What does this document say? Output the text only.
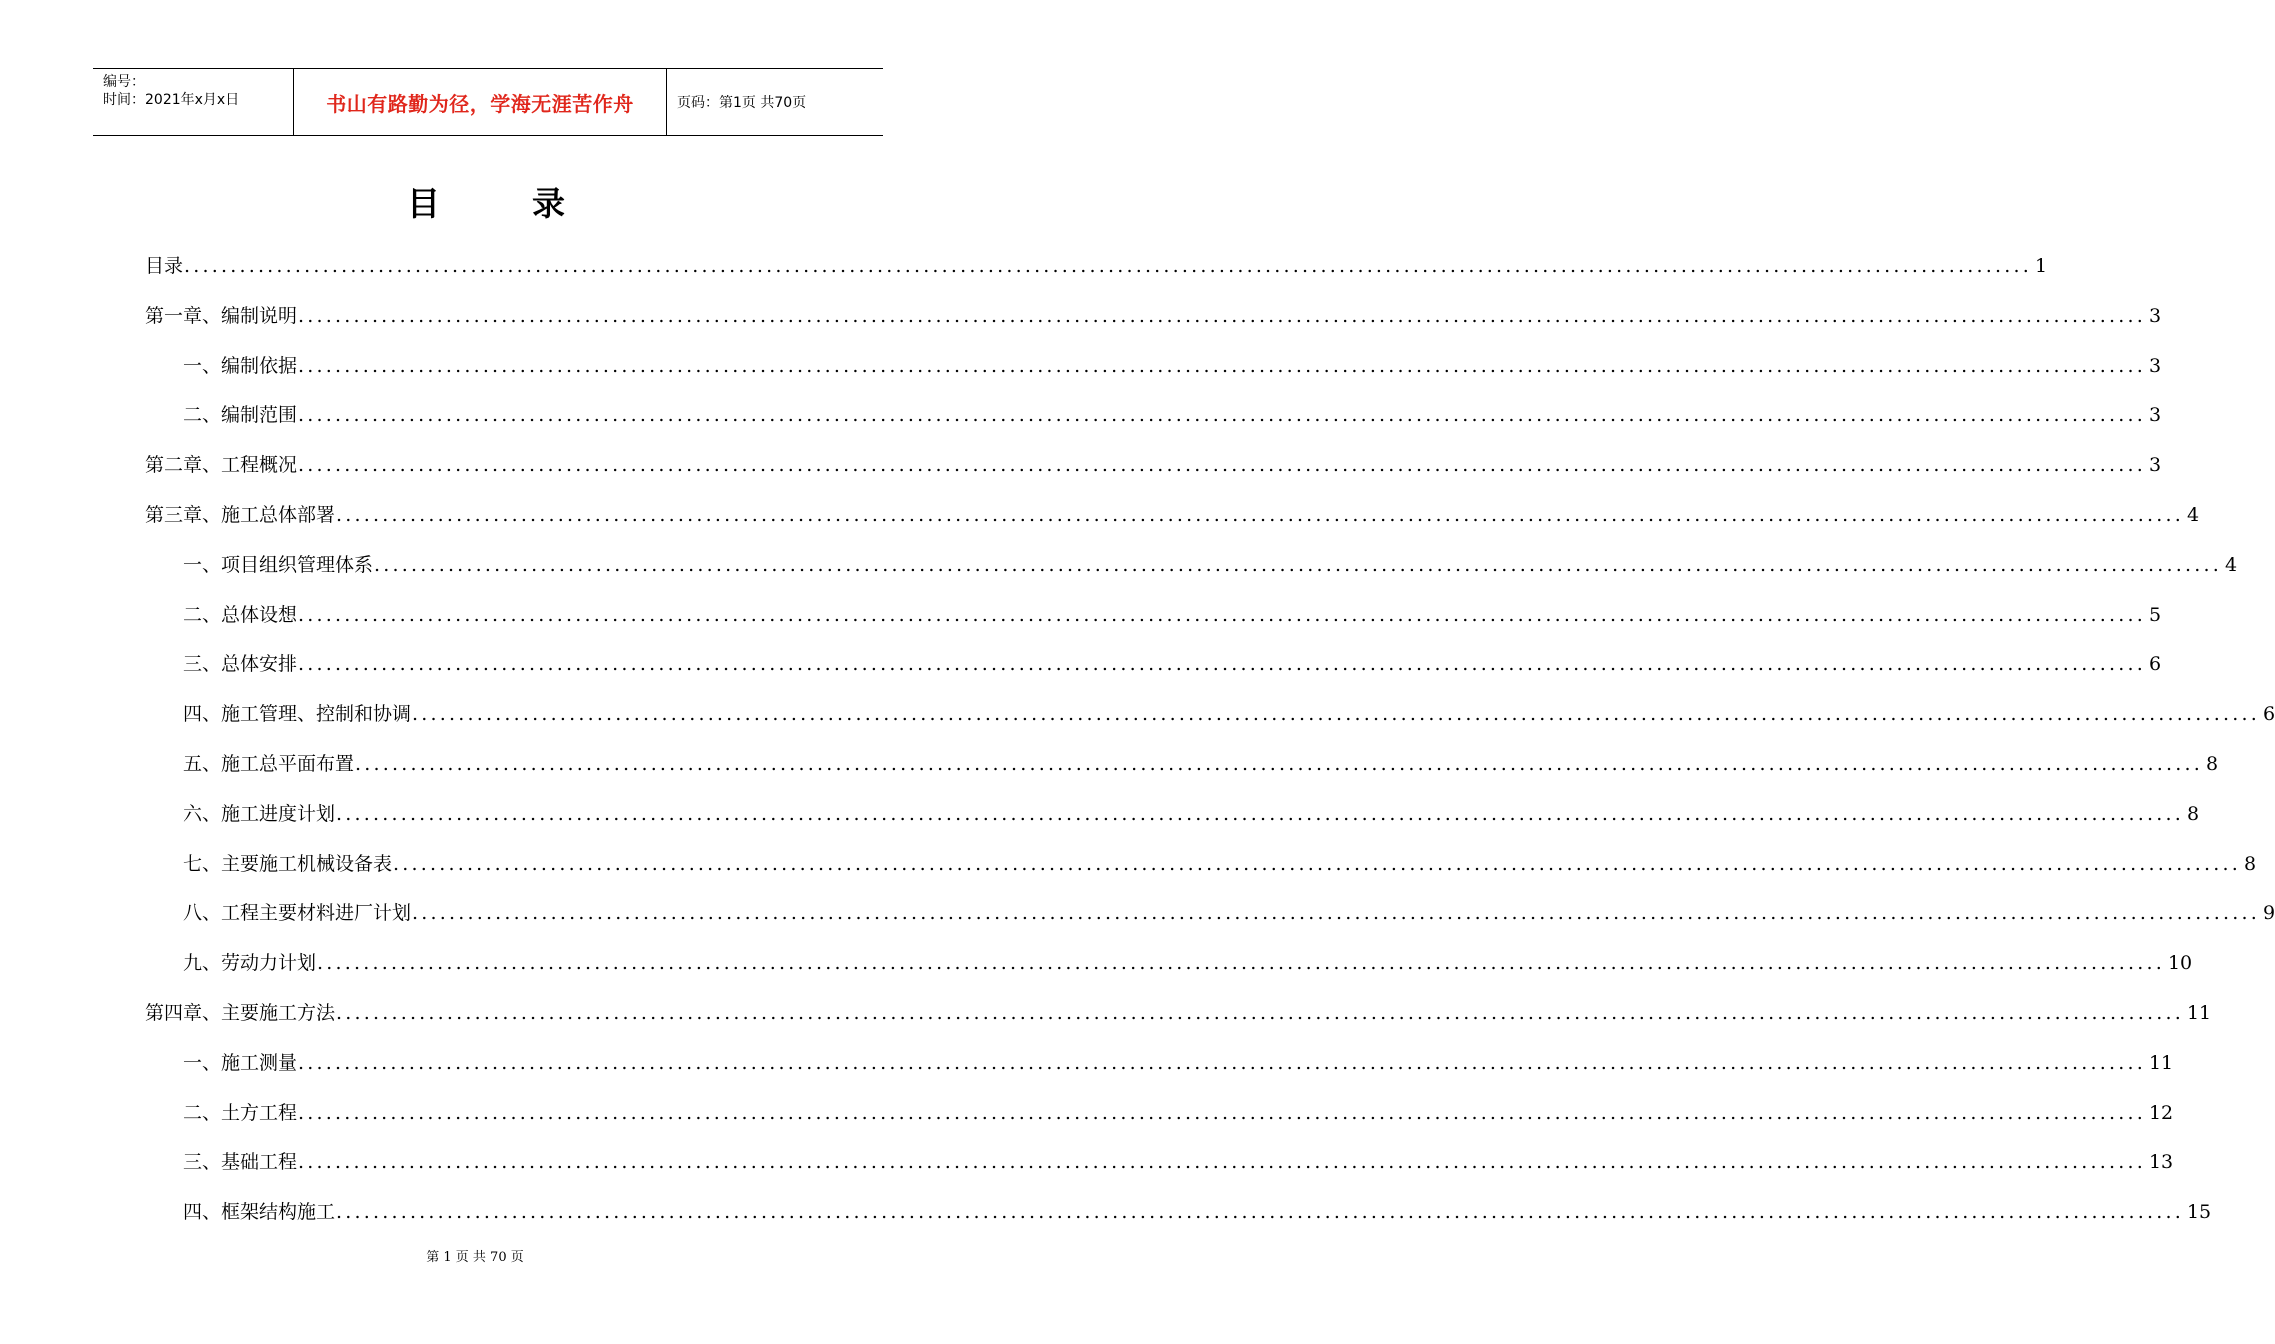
编号：
时间：2021年x月x日	书山有路勤为径，学海无涯苦作舟	页码：第1页 共70页
目	录
目 录 ........................................................................................................................................................................................................ 1
第一章、 编制说明 ........................................................................................................................................................................................................ 3
一、 编制依据 ........................................................................................................................................................................................................ 3
二、 编制范围 ........................................................................................................................................................................................................ 3
第二章、 工程概况 ........................................................................................................................................................................................................ 3
第三章、 施工总体部署 ........................................................................................................................................................................................................ 4
一、 项目组织管理体系 ........................................................................................................................................................................................................ 4
二、 总体设想 ........................................................................................................................................................................................................ 5
三、 总体安排 ........................................................................................................................................................................................................ 6
四、 施工管理、控制和协调 ........................................................................................................................................................................................................ 6
五、 施工总平面布置 ........................................................................................................................................................................................................ 8
六、 施工进度计划 ........................................................................................................................................................................................................ 8
七、 主要施工机械设备表 ........................................................................................................................................................................................................ 8
八、 工程主要材料进厂计划 ........................................................................................................................................................................................................ 9
九、 劳动力计划 ........................................................................................................................................................................................................ 10
第四章、 主要施工方法 ........................................................................................................................................................................................................ 11
一、 施工测量 ........................................................................................................................................................................................................ 11
二、 土方工程 ........................................................................................................................................................................................................ 12
三、 基础工程 ........................................................................................................................................................................................................ 13
四、 框架结构施工 ........................................................................................................................................................................................................ 15
第 1 页 共 70 页
